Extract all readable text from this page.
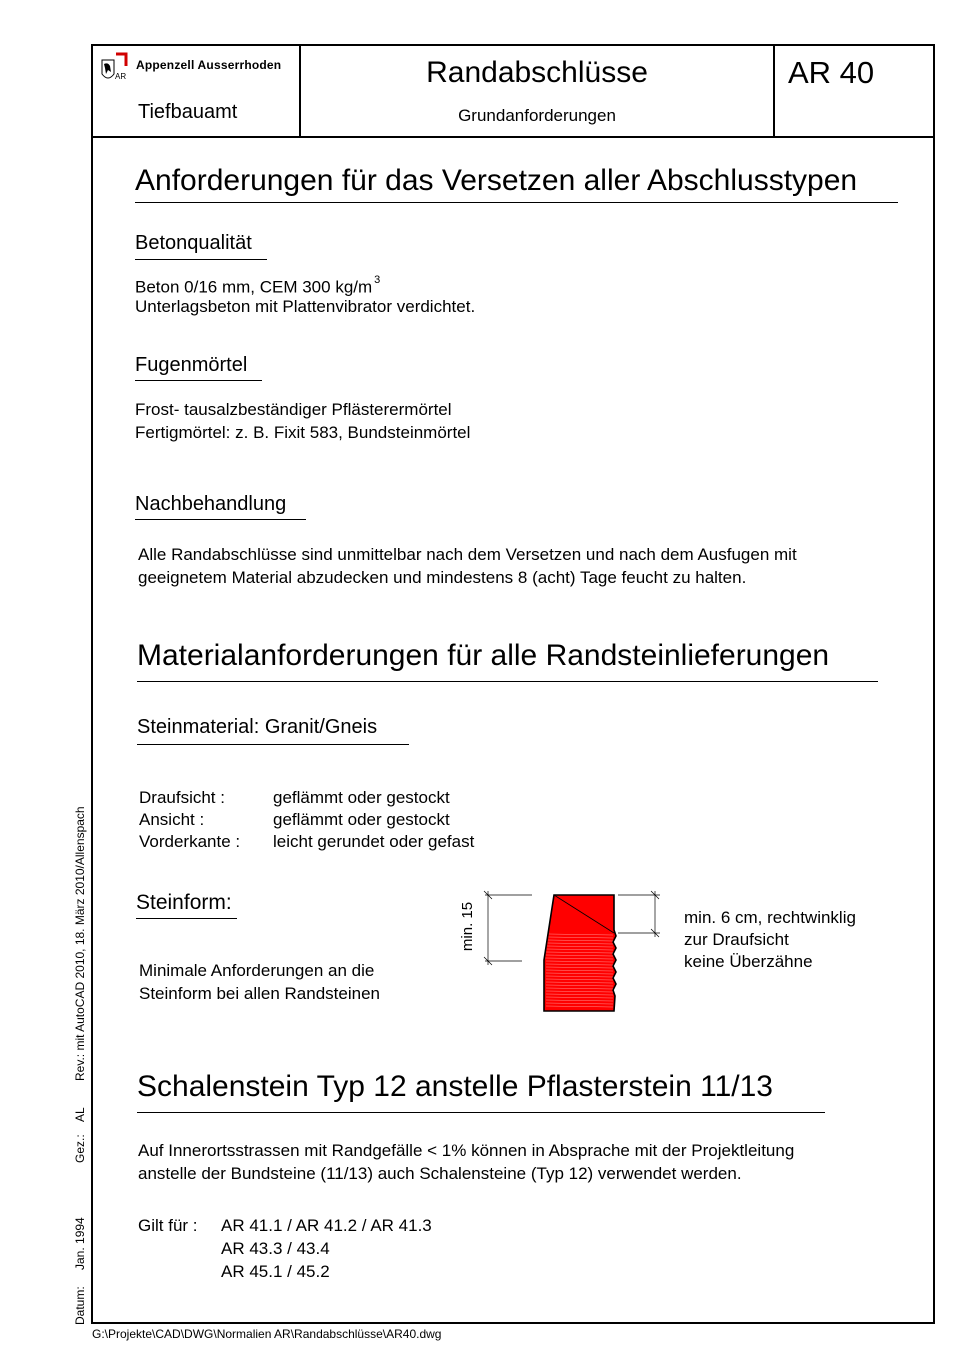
AR
Appenzell Ausserrhoden
Tiefbauamt
Randabschlüsse
Grundanforderungen
AR 40
Anforderungen für das Versetzen aller Abschlusstypen
Betonqualität
Beton 0/16 mm, CEM 300 kg/m $^3$
Unterlagsbeton mit Plattenvibrator verdichtet.
Fugenmörtel
Frost- tausalzbeständiger Pflästerermörtel
Fertigmörtel: z. B. Fixit 583, Bundsteinmörtel
Nachbehandlung
Alle Randabschlüsse sind unmittelbar nach dem Versetzen und nach dem Ausfugen mit
geeignetem Material abzudecken und mindestens 8 (acht) Tage feucht zu halten.
Materialanforderungen für alle Randsteinlieferungen
Steinmaterial: Granit/Gneis
Draufsicht :	geflämmt oder gestockt
Ansicht :	geflämmt oder gestockt
Vorderkante : leicht gerundet oder gefast
Steinform:
Minimale Anforderungen an die
Steinform bei allen Randsteinen
min. 15	min. 6 cm, rechtwinklig
zur Draufsicht
keine Überzähne
Schalenstein Typ 12 anstelle Pflasterstein 11/13
Auf Innerortsstrassen mit Randgefälle < 1% können in Absprache mit der Projektleitung
anstelle der Bundsteine (11/13) auch Schalensteine (Typ 12) verwendet werden.
Gilt für : AR 41.1 / AR 41.2 / AR 41.3
AR 43.3 / 43.4
AR 45.1 / 45.2
Datum:
Jan. 1994
Gez.:
AL
Rev.: mit AutoCAD 2010, 18. März 2010/Allenspach
G:\Projekte\CAD\DWG\Normalien AR\Randabschlüsse\AR40.dwg
